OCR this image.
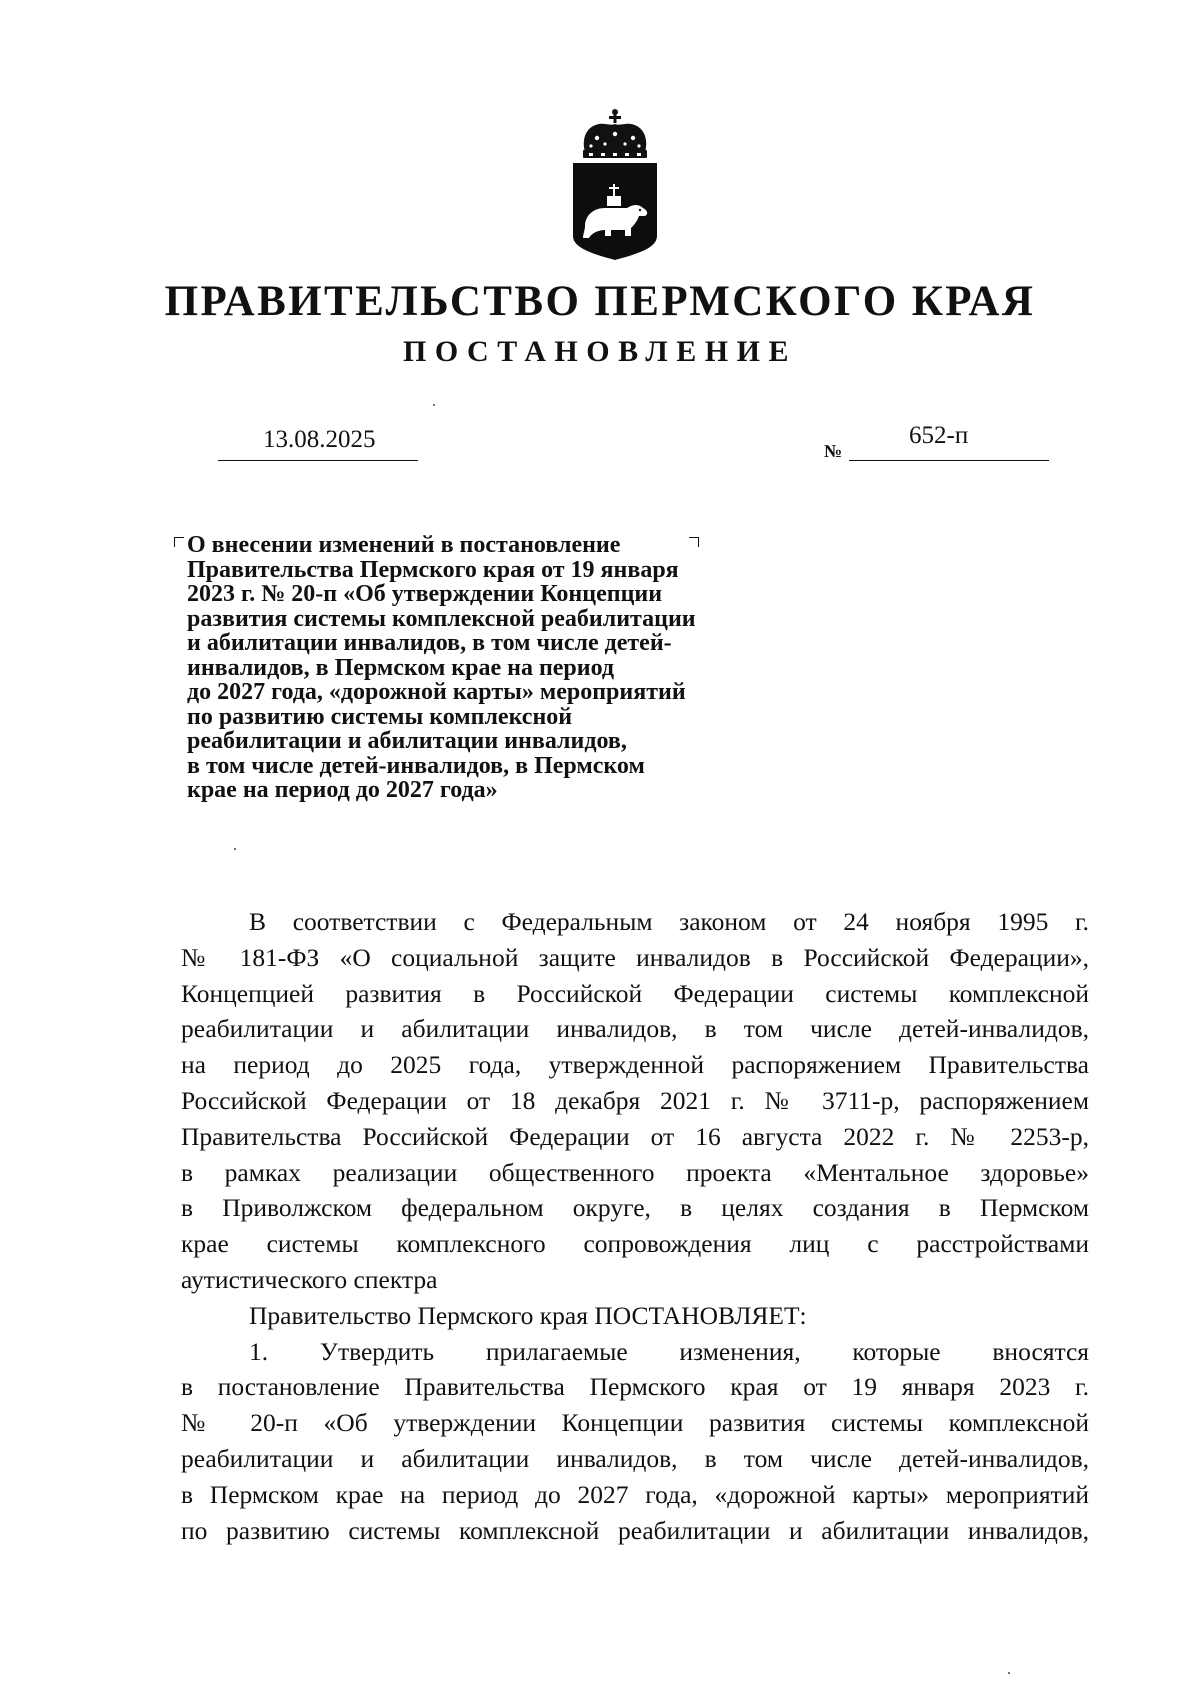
ПРАВИТЕЛЬСТВО ПЕРМСКОГО КРАЯ
ПОСТАНОВЛЕНИЕ
13.08.2025	№
652-п
О внесении изменений в постановление
Правительства Пермского края от 19 января
2023 г. № 20-п «Об утверждении Концепции
развития системы комплексной реабилитации
и абилитации инвалидов, в том числе детей-
инвалидов, в Пермском крае на период
до 2027 года, «дорожной карты» мероприятий
по развитию системы комплексной
реабилитации и абилитации инвалидов,
в том числе детей-инвалидов, в Пермском
крае на период до 2027 года»
В соответствии с Федеральным законом от 24 ноября 1995 г.
№ 181-ФЗ «О социальной защите инвалидов в Российской Федерации»,
Концепцией развития в Российской Федерации системы комплексной
реабилитации и абилитации инвалидов, в том числе детей-инвалидов,
на период до 2025 года, утвержденной распоряжением Правительства
Российской Федерации от 18 декабря 2021 г. № 3711-р, распоряжением
Правительства Российской Федерации от 16 августа 2022 г. № 2253-р,
в рамках реализации общественного проекта «Ментальное здоровье»
в Приволжском федеральном округе, в целях создания в Пермском
крае системы комплексного сопровождения лиц с расстройствами
аутистического спектра
Правительство Пермского края ПОСТАНОВЛЯЕТ:
1. Утвердить прилагаемые изменения, которые вносятся
в постановление Правительства Пермского края от 19 января 2023 г.
№ 20-п «Об утверждении Концепции развития системы комплексной
реабилитации и абилитации инвалидов, в том числе детей-инвалидов,
в Пермском крае на период до 2027 года, «дорожной карты» мероприятий
по развитию системы комплексной реабилитации и абилитации инвалидов,
